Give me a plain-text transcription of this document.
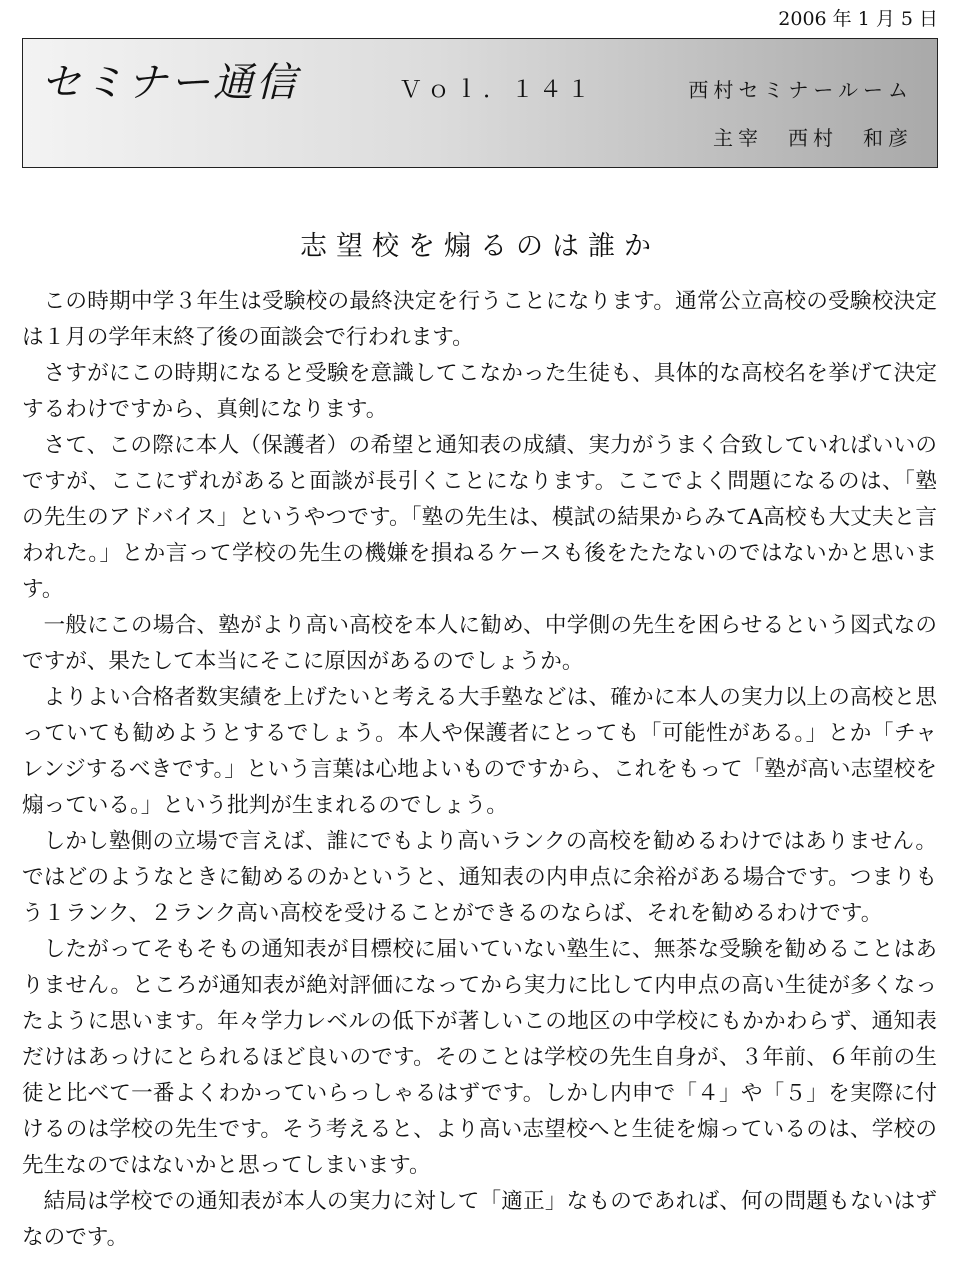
2006 年 1 月 5 日
セミナー通信	Ｖｏｌ．１４１	西村セミナールーム
主宰　西村　和彦
志望校を煽るのは誰か

この時期中学３年生は受験校の最終決定を行うことになります。通常公立高校の受験校決定は１月の学年末終了後の面談会で行われます。

さすがにこの時期になると受験を意識してこなかった生徒も、具体的な高校名を挙げて決定するわけですから、真剣になります。

さて、この際に本人（保護者）の希望と通知表の成績、実力がうまく合致していればいいのですが、ここにずれがあると面談が長引くことになります。ここでよく問題になるのは、「塾の先生のアドバイス」というやつです。「塾の先生は、模試の結果からみてA高校も大丈夫と言われた。」とか言って学校の先生の機嫌を損ねるケースも後をたたないのではないかと思います。

一般にこの場合、塾がより高い高校を本人に勧め、中学側の先生を困らせるという図式なのですが、果たして本当にそこに原因があるのでしょうか。

よりよい合格者数実績を上げたいと考える大手塾などは、確かに本人の実力以上の高校と思っていても勧めようとするでしょう。本人や保護者にとっても「可能性がある。」とか「チャレンジするべきです。」という言葉は心地よいものですから、これをもって「塾が高い志望校を煽っている。」という批判が生まれるのでしょう。

しかし塾側の立場で言えば、誰にでもより高いランクの高校を勧めるわけではありません。ではどのようなときに勧めるのかというと、通知表の内申点に余裕がある場合です。つまりもう１ランク、２ランク高い高校を受けることができるのならば、それを勧めるわけです。

したがってそもそもの通知表が目標校に届いていない塾生に、無茶な受験を勧めることはありません。ところが通知表が絶対評価になってから実力に比して内申点の高い生徒が多くなったように思います。年々学力レベルの低下が著しいこの地区の中学校にもかかわらず、通知表だけはあっけにとられるほど良いのです。そのことは学校の先生自身が、３年前、６年前の生徒と比べて一番よくわかっていらっしゃるはずです。しかし内申で「４」や「５」を実際に付けるのは学校の先生です。そう考えると、より高い志望校へと生徒を煽っているのは、学校の先生なのではないかと思ってしまいます。

結局は学校での通知表が本人の実力に対して「適正」なものであれば、何の問題もないはずなのです。
